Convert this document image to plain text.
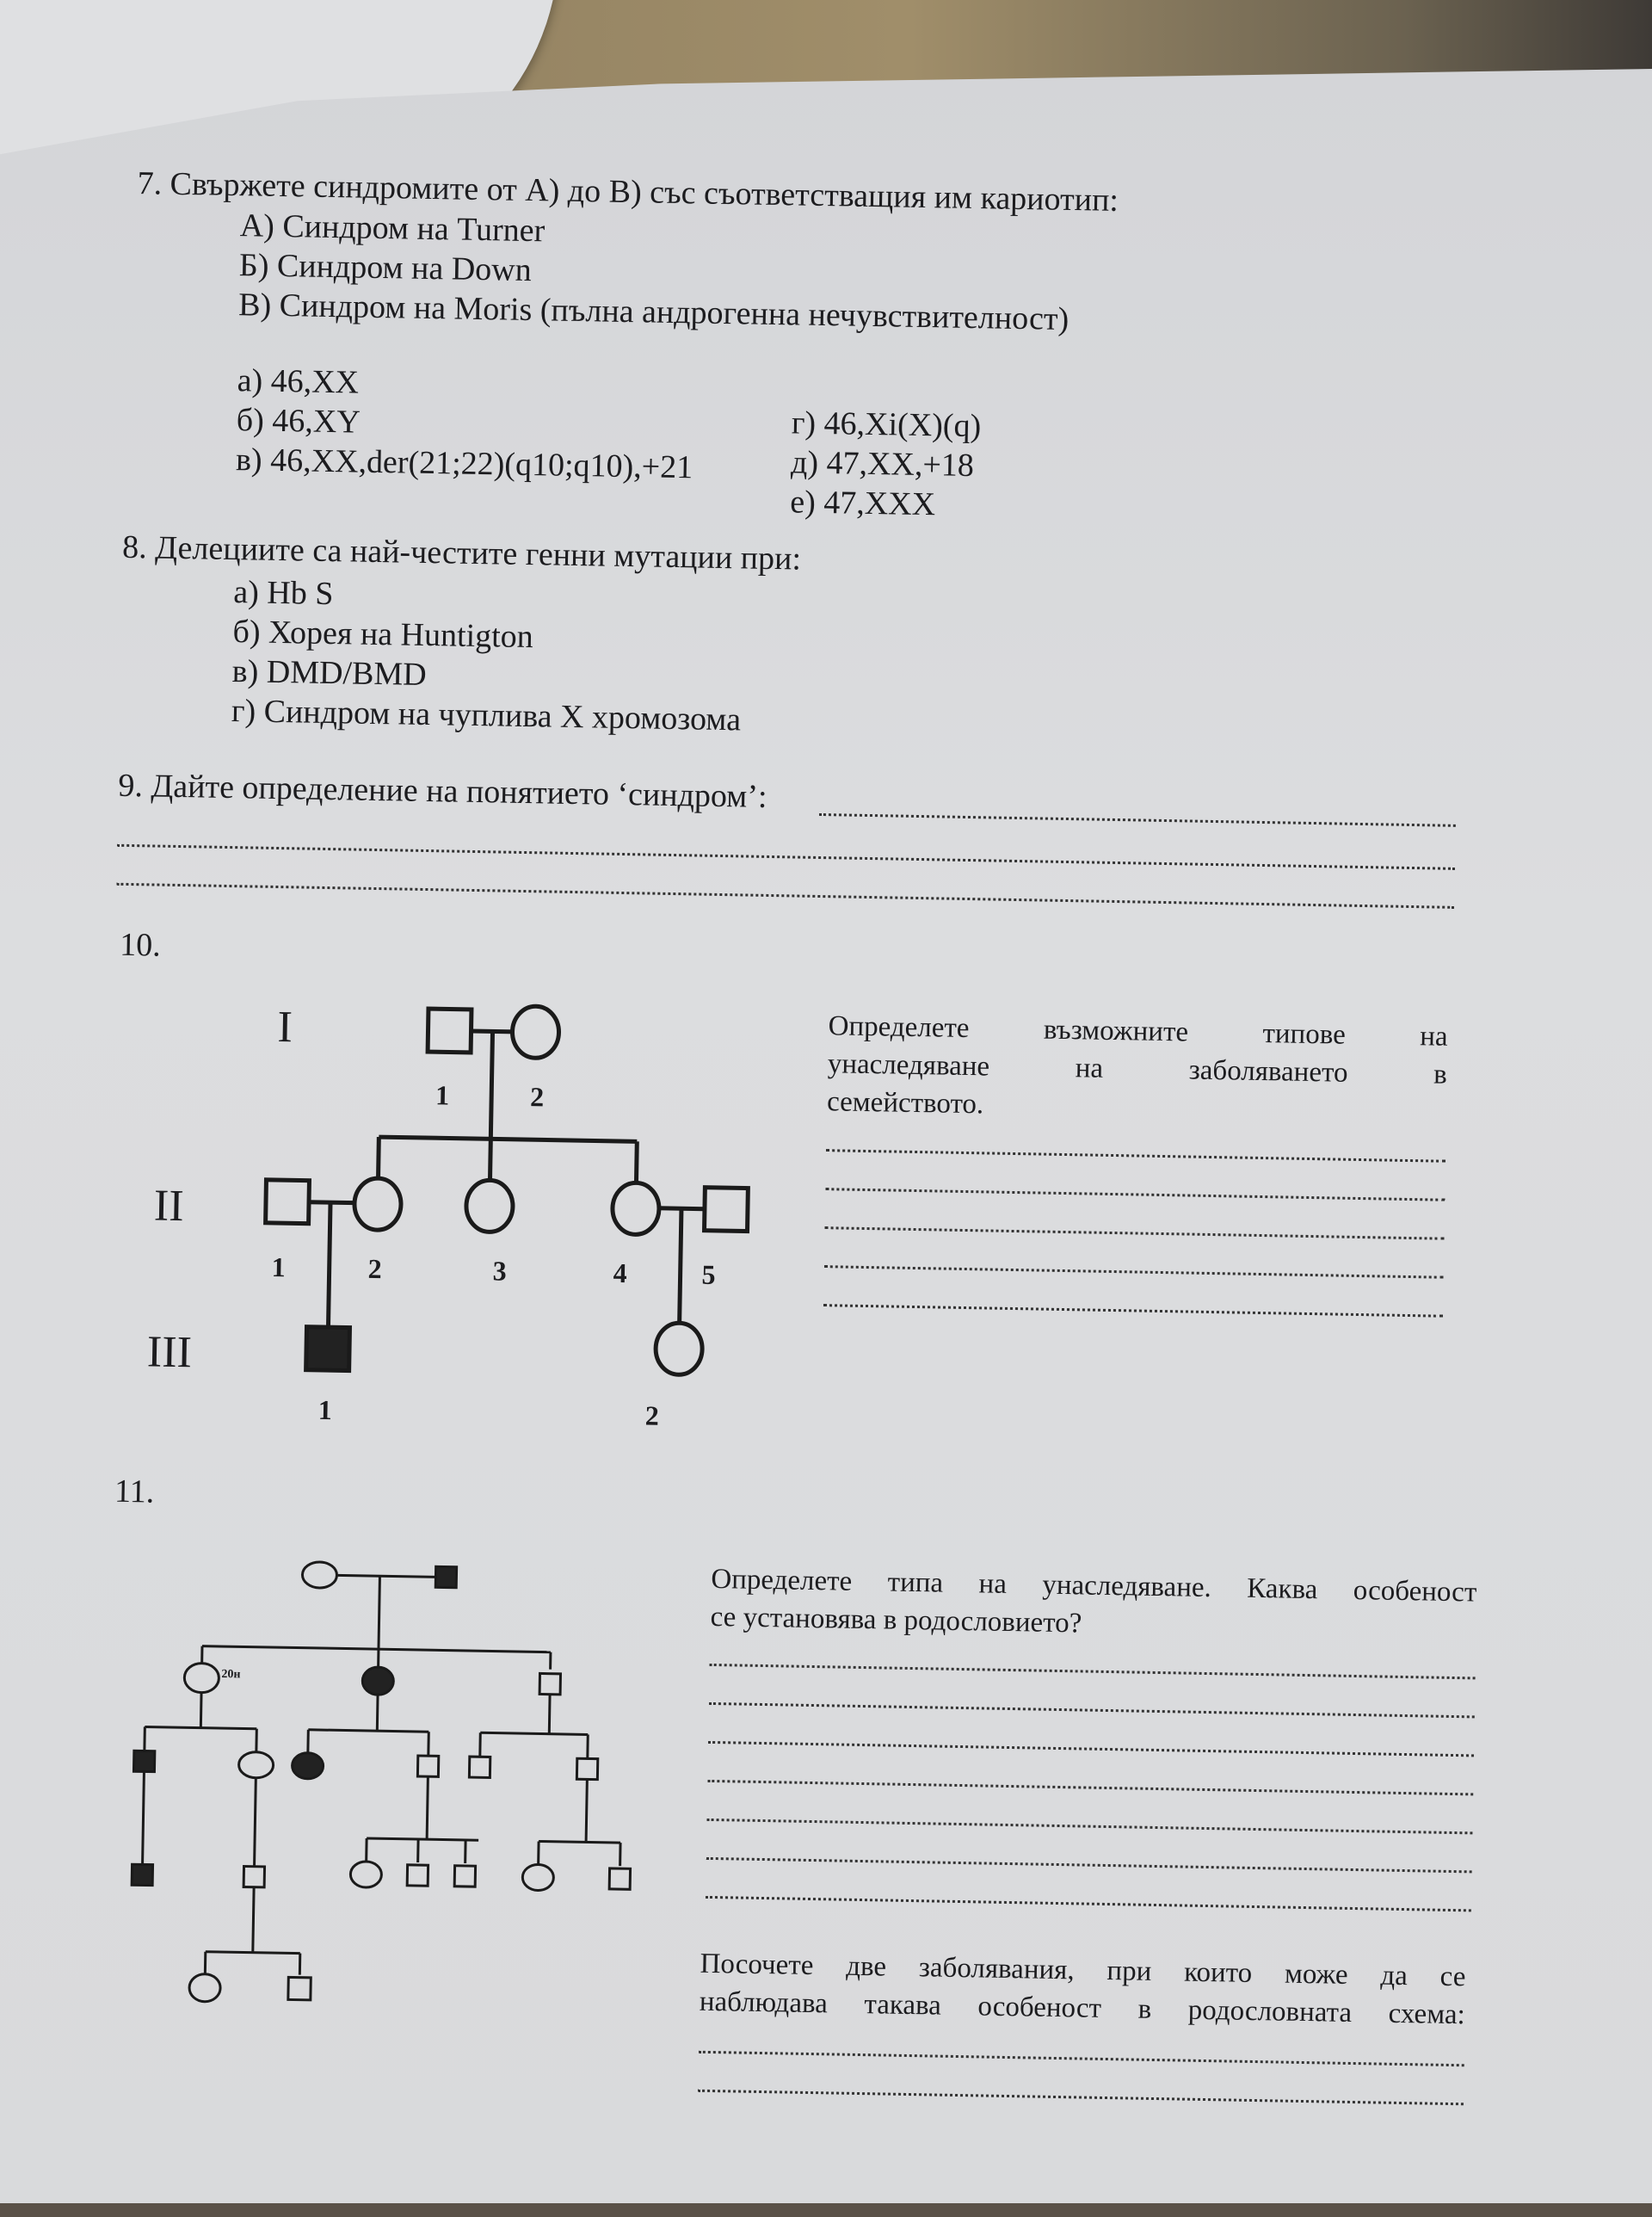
7. Свържете синдромите от А) до В) със съответстващия им кариотип:
А) Синдром на Turner
Б) Синдром на Down
В) Синдром на Moris (пълна андрогенна нечувствителност)
а) 46,XX
б) 46,XY
в) 46,XX,der(21;22)(q10;q10),+21
г) 46,Xi(X)(q)
д) 47,XX,+18
е) 47,XXX
8. Делециите са най-честите генни мутации при:
а) Hb S
б) Хорея на Huntigton
в) DMD/BMD
г) Синдром на чуплива X хромозома
9. Дайте определение на понятието ‘синдром’:
10.
I
II
III
1	2
1	2	3	4	5
1	2
Определете	възможните	типове	на
унаследяване	на	заболяването	в
семейството.
11.
20н
Определете типа на унаследяване. Каква особеност
се установява в родословието?
Посочете две заболявания, при които може да се
наблюдава такава особеност в родословната схема:
